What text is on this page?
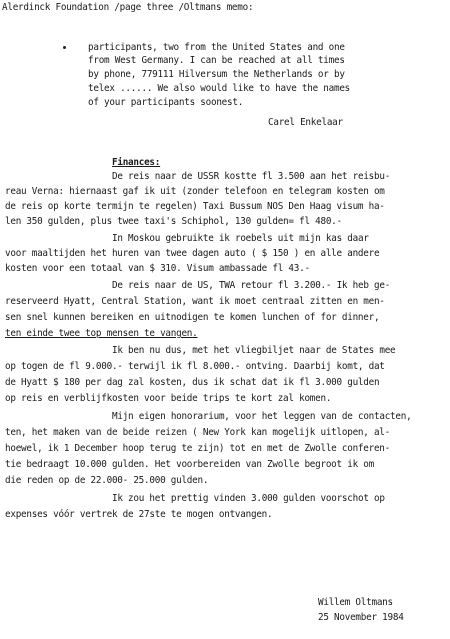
Alerdinck Foundation /page three /Oltmans memo:
participants, two from the United States and one
from West Germany. I can be reached at all times
by phone, 779111 Hilversum the Netherlands or by
telex ...... We also would like to have the names
of your participants soonest.
Carel Enkelaar
Finances:
De reis naar de USSR kostte fl 3.500 aan het reisbu-
reau Verna: hiernaast gaf ik uit (zonder telefoon en telegram kosten om
de reis op korte termijn te regelen) Taxi Bussum NOS Den Haag visum ha-
len 350 gulden, plus twee taxi's Schiphol, 130 gulden= fl 480.-
In Moskou gebruikte ik roebels uit mijn kas daar
voor maaltijden het huren van twee dagen auto ( $ 150 ) en alle andere
kosten voor een totaal van $ 310. Visum ambassade fl 43.-
De reis naar de US, TWA retour fl 3.200.- Ik heb ge-
reserveerd Hyatt, Central Station, want ik moet centraal zitten en men-
sen snel kunnen bereiken en uitnodigen te komen lunchen of for dinner,
ten einde twee top mensen te vangen.
Ik ben nu dus, met het vliegbiljet naar de States mee
op togen de fl 9.000.- terwijl ik fl 8.000.- ontving. Daarbij komt, dat
de Hyatt $ 180 per dag zal kosten, dus ik schat dat ik fl 3.000 gulden
op reis en verblijfkosten voor beide trips te kort zal komen.
Mijn eigen honorarium, voor het leggen van de contacten,
ten, het maken van de beide reizen ( New York kan mogelijk uitlopen, al-
hoewel, ik 1 December hoop terug te zijn) tot en met de Zwolle conferen-
tie bedraagt 10.000 gulden. Het voorbereiden van Zwolle begroot ik om
die reden op de 22.000- 25.000 gulden.
Ik zou het prettig vinden 3.000 gulden voorschot op
expenses vóór vertrek de 27ste te mogen ontvangen.
Willem Oltmans
25 November 1984
